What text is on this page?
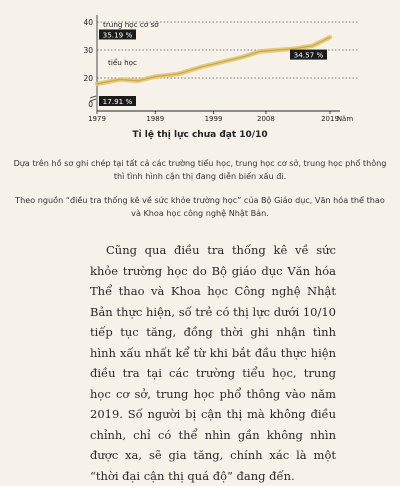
40
30
20
0
1979	1989	1999	2008	2019
Năm
trung học cơ sở
tiểu học
35.19 %
34.57 %
17.91 %
Tỉ lệ thị lực chưa đạt 10/10
Dựa trên hồ sơ ghi chép tại tất cả các trường tiểu học, trung học cơ sở, trung học phổ thông thì tình hình cận thị đang diễn biến xấu đi.
Theo nguồn “điều tra thống kê về sức khỏe trường học” của Bộ Giáo dục, Văn hóa thể thao và Khoa học công nghệ Nhật Bản.

Cũng qua điều tra thống kê về sức khỏe trường học do Bộ giáo dục Văn hóa Thể thao và Khoa học Công nghệ Nhật Bản thực hiện, số trẻ có thị lực dưới 10/10 tiếp tục tăng, đồng thời ghi nhận tình hình xấu nhất kể từ khi bắt đầu thực hiện điều tra tại các trường tiểu học, trung học cơ sở, trung học phổ thông vào năm 2019. Số người bị cận thị mà không điều chỉnh, chỉ có thể nhìn gần không nhìn được xa, sẽ gia tăng, chính xác là một “thời đại cận thị quá độ” đang đến.
